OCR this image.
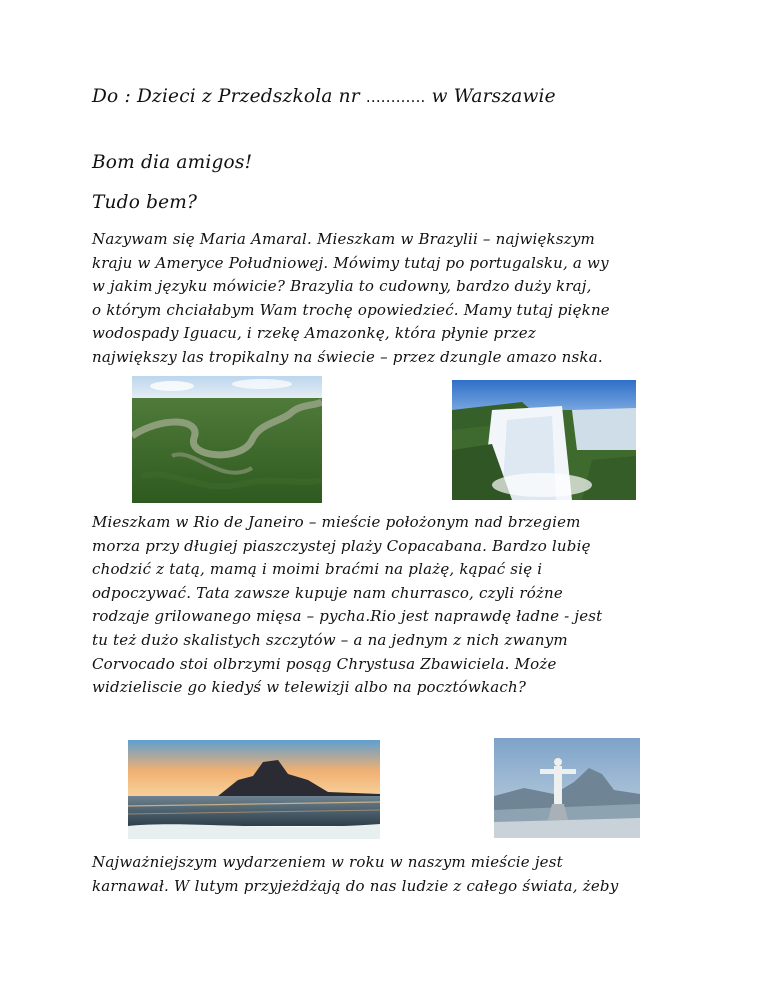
Do : Dzieci z Przedszkola nr ............ w Warszawie
Bom dia amigos!
Tudo bem?
Nazywam się Maria Amaral. Mieszkam w Brazylii – największym
kraju w Ameryce Południowej. Mówimy tutaj po portugalsku, a wy
w jakim języku mówicie? Brazylia to cudowny, bardzo duży kraj,
o którym chciałabym Wam trochę opowiedzieć. Mamy tutaj piękne
wodospady Iguacu, i rzekę Amazonkę, która płynie przez
największy las tropikalny na świecie – przez dzungle amazo nska.
Mieszkam w Rio de Janeiro – mieście położonym nad brzegiem
morza przy długiej piaszczystej plaży Copacabana. Bardzo lubię
chodzić z tatą, mamą i moimi braćmi na plażę, kąpać się i
odpoczywać. Tata zawsze kupuje nam churrasco, czyli różne
rodzaje grilowanego mięsa – pycha.Rio jest naprawdę ładne - jest
tu też dużo skalistych szczytów – a na jednym z nich zwanym
Corvocado stoi olbrzymi posąg Chrystusa Zbawiciela. Może
widzieliscie go kiedyś w telewizji albo na pocztówkach?
Najważniejszym wydarzeniem w roku w naszym mieście jest
karnawał. W lutym przyjeżdżają do nas ludzie z całego świata, żeby
